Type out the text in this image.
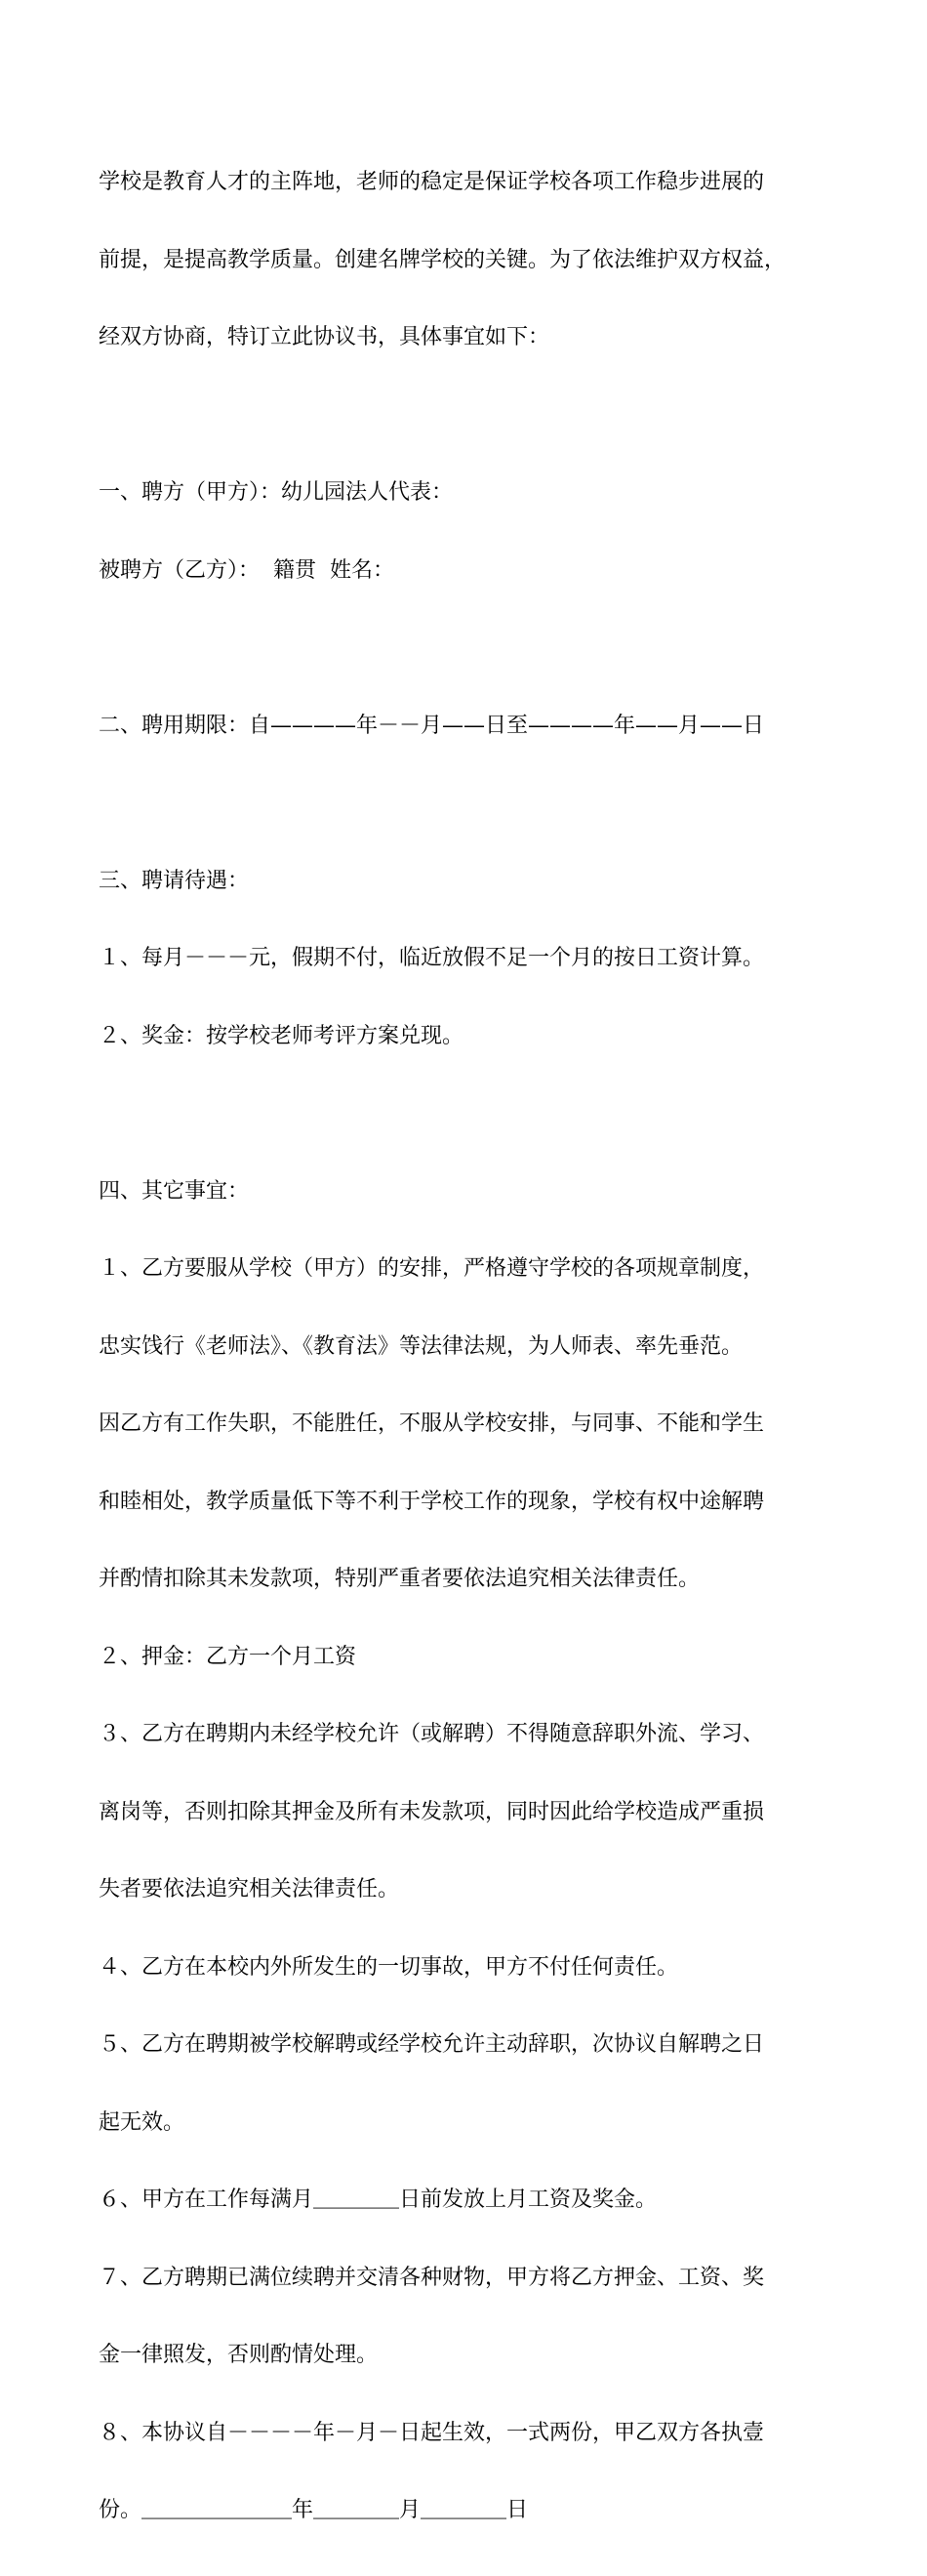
学校是教育人才的主阵地，老师的稳定是保证学校各项工作稳步进展的

前提，是提高教学质量。创建名牌学校的关键。为了依法维护双方权益，

经双方协商，特订立此协议书，具体事宜如下：

一、聘方（甲方）：幼儿园法人代表：

被聘方（乙方）：  籍贯  姓名：

二、聘用期限：自————年－－月——日至————年——月——日

三、聘请待遇：

１、每月－－－元，假期不付，临近放假不足一个月的按日工资计算。

２、奖金：按学校老师考评方案兑现。

四、其它事宜：

１、乙方要服从学校（甲方）的安排，严格遵守学校的各项规章制度，

忠实饯行《老师法》、《教育法》等法律法规，为人师表、率先垂范。

因乙方有工作失职，不能胜任，不服从学校安排，与同事、不能和学生

和睦相处，教学质量低下等不利于学校工作的现象，学校有权中途解聘

并酌情扣除其未发款项，特别严重者要依法追究相关法律责任。

２、押金：乙方一个月工资

３、乙方在聘期内未经学校允许（或解聘）不得随意辞职外流、学习、

离岗等，否则扣除其押金及所有未发款项，同时因此给学校造成严重损

失者要依法追究相关法律责任。

４、乙方在本校内外所发生的一切事故，甲方不付任何责任。

５、乙方在聘期被学校解聘或经学校允许主动辞职，次协议自解聘之日

起无效。

６、甲方在工作每满月＿＿＿＿日前发放上月工资及奖金。

７、乙方聘期已满位续聘并交清各种财物，甲方将乙方押金、工资、奖

金一律照发，否则酌情处理。

８、本协议自－－－－年－月－日起生效，一式两份，甲乙双方各执壹

份。＿＿＿＿＿＿＿年＿＿＿＿月＿＿＿＿日
